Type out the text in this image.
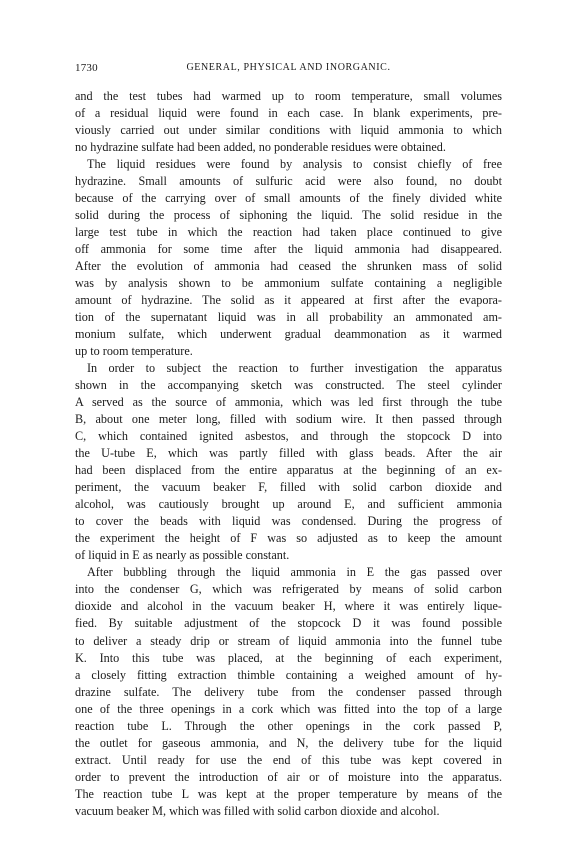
1730	GENERAL, PHYSICAL AND INORGANIC.
and the test tubes had warmed up to room temperature, small volumes
of a residual liquid were found in each case. In blank experiments, pre-
viously carried out under similar conditions with liquid ammonia to which
no hydrazine sulfate had been added, no ponderable residues were obtained.
The liquid residues were found by analysis to consist chiefly of free
hydrazine. Small amounts of sulfuric acid were also found, no doubt
because of the carrying over of small amounts of the finely divided white
solid during the process of siphoning the liquid. The solid residue in the
large test tube in which the reaction had taken place continued to give
off ammonia for some time after the liquid ammonia had disappeared.
After the evolution of ammonia had ceased the shrunken mass of solid
was by analysis shown to be ammonium sulfate containing a negligible
amount of hydrazine. The solid as it appeared at first after the evapora-
tion of the supernatant liquid was in all probability an ammonated am-
monium sulfate, which underwent gradual deammonation as it warmed
up to room temperature.
In order to subject the reaction to further investigation the apparatus
shown in the accompanying sketch was constructed. The steel cylinder
A served as the source of ammonia, which was led first through the tube
B, about one meter long, filled with sodium wire. It then passed through
C, which contained ignited asbestos, and through the stopcock D into
the U-tube E, which was partly filled with glass beads. After the air
had been displaced from the entire apparatus at the beginning of an ex-
periment, the vacuum beaker F, filled with solid carbon dioxide and
alcohol, was cautiously brought up around E, and sufficient ammonia
to cover the beads with liquid was condensed. During the progress of
the experiment the height of F was so adjusted as to keep the amount
of liquid in E as nearly as possible constant.
After bubbling through the liquid ammonia in E the gas passed over
into the condenser G, which was refrigerated by means of solid carbon
dioxide and alcohol in the vacuum beaker H, where it was entirely lique-
fied. By suitable adjustment of the stopcock D it was found possible
to deliver a steady drip or stream of liquid ammonia into the funnel tube
K. Into this tube was placed, at the beginning of each experiment,
a closely fitting extraction thimble containing a weighed amount of hy-
drazine sulfate. The delivery tube from the condenser passed through
one of the three openings in a cork which was fitted into the top of a large
reaction tube L. Through the other openings in the cork passed P,
the outlet for gaseous ammonia, and N, the delivery tube for the liquid
extract. Until ready for use the end of this tube was kept covered in
order to prevent the introduction of air or of moisture into the apparatus.
The reaction tube L was kept at the proper temperature by means of the
vacuum beaker M, which was filled with solid carbon dioxide and alcohol.
